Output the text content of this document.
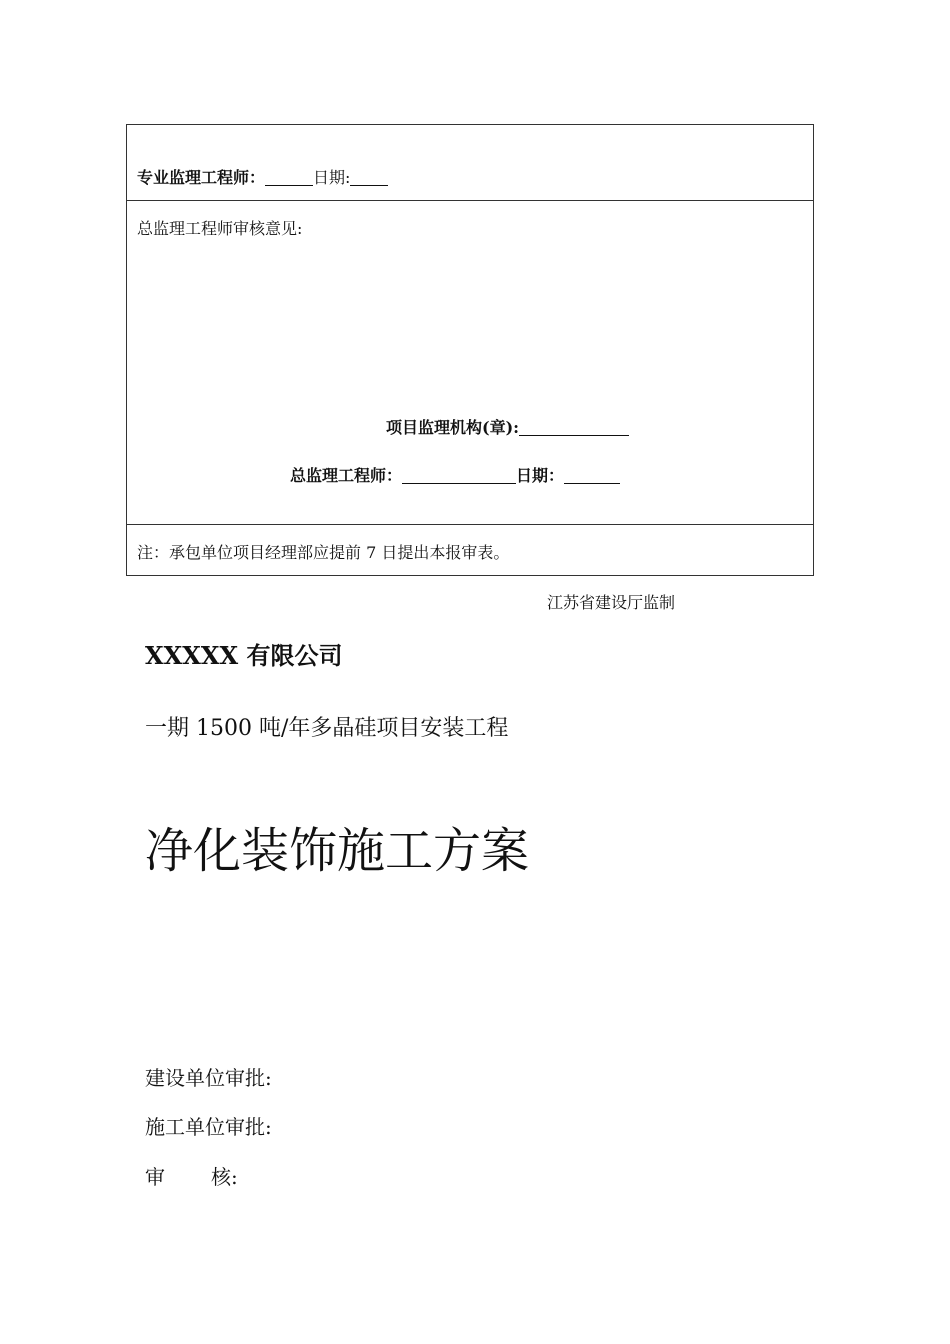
专业监理工程师：	日期:
总监理工程师审核意见:
项目监理机构(章):
总监理工程师：	日期：
注：承包单位项目经理部应提前 7 日提出本报审表。
江苏省建设厅监制
XXXXX 有限公司
一期 1500 吨/年多晶硅项目安装工程
净化装饰施工方案
建设单位审批:
施工单位审批:
审 核:
